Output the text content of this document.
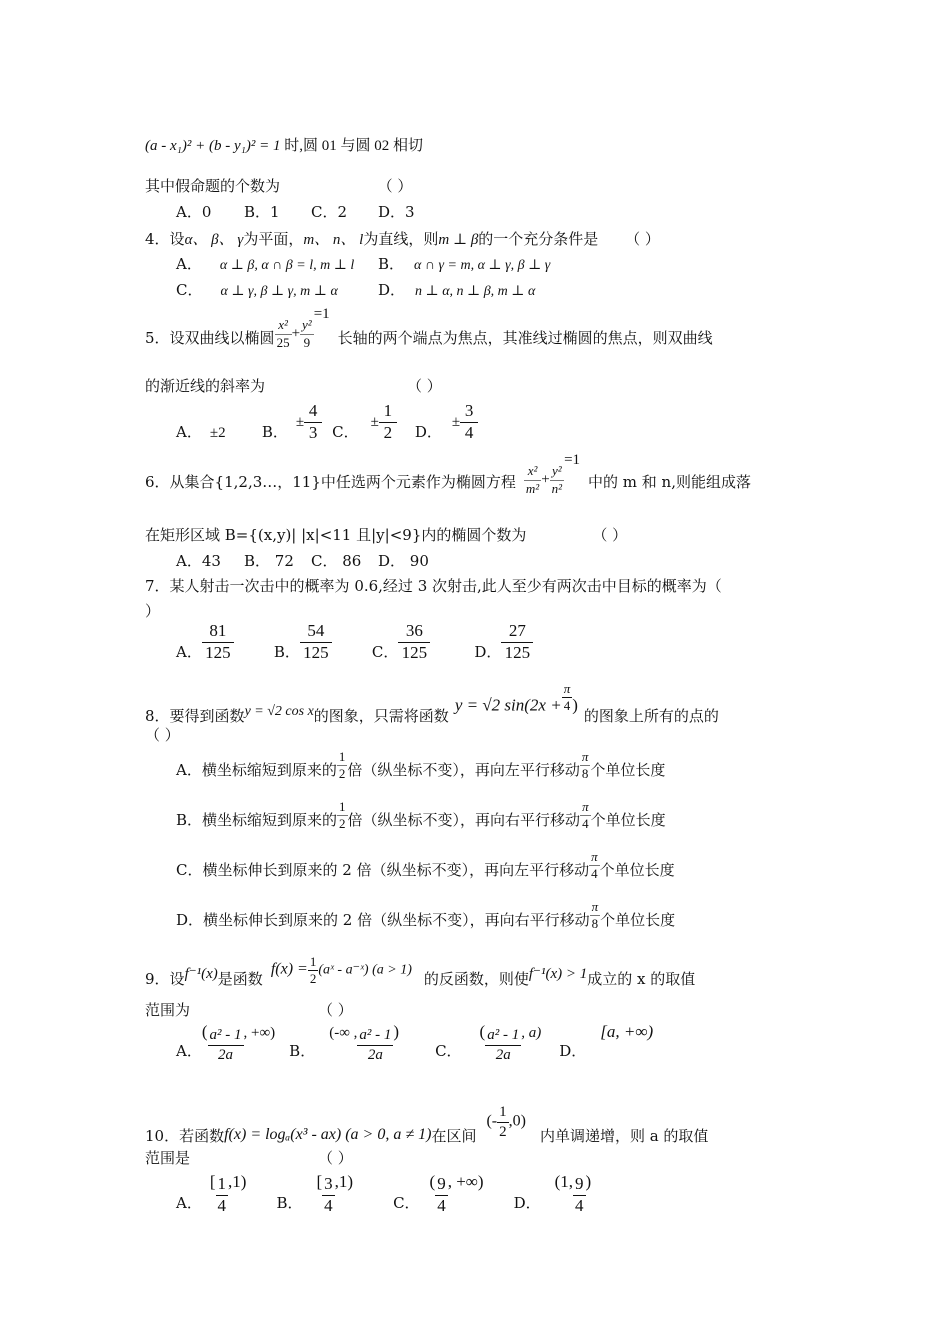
(a - x₁)² + (b - y₁)² = 1 时,圆 01 与圆 02 相切
其中假命题的个数为	（ ）
A．0 B．1 C．2 D．3
4．设α、 β、 γ为平面，m、 n、 l为直线，则m ⊥ β的一个充分条件是 （ ）
A． α ⊥ β, α ∩ β = l, m ⊥ l B． α ∩ γ = m, α ⊥ γ, β ⊥ γ
C． α ⊥ γ, β ⊥ γ, m ⊥ α	D． n ⊥ α, n ⊥ β, m ⊥ α
5．设双曲线以椭圆 $\frac{\text{x²}}{25} + \frac{\text{y²}}{9}$
=1长轴的两个端点为焦点，其准线过椭圆的焦点，则双曲线
的渐近线的斜率为	（ ）
A． ±2 B．± $\frac{4}{3}$ C．± $\frac{1}{2}$ D．± $\frac{3}{4}$
6．从集合{1,2,3…，11}中任选两个元素作为椭圆方程 $\frac{\text{x²}}{\text{m²}} + \frac{\text{y²}}{\text{n²}}$
=1中的 m 和 n,则能组成落
在矩形区域 B={(x,y)| |x|<11 且|y|<9}内的椭圆个数为	（ ）
A．43 B． 72 C． 86 D． 90
7．某人射击一次击中的概率为 0.6,经过 3 次射击,此人至少有两次击中目标的概率为（
）
A． $\frac{81}{125}$	B． $\frac{54}{125}$	C． $\frac{36}{125}$	D． $\frac{27}{125}$
8．要得到函数y = √2 cos x的图象，只需将函数y = √2 $\sin(2x + \frac{\pi}{4}$ )的图象上所有的点的
（ ）
A．横坐标缩短到原来的 $\frac{1}{2}$ 倍（纵坐标不变），再向左平行移动 $\frac{\pi}{8}$ 个单位长度
B．横坐标缩短到原来的 $\frac{1}{2}$ 倍（纵坐标不变），再向右平行移动 $\frac{\pi}{4}$ 个单位长度
C．横坐标伸长到原来的 2 倍（纵坐标不变），再向左平行移动 $\frac{\pi}{4}$ 个单位长度
D．横坐标伸长到原来的 2 倍（纵坐标不变），再向右平行移动 $\frac{\pi}{8}$ 个单位长度
9．设f⁻¹(x)是函数$f(x) = \frac{1}{2}$ (aˣ - a⁻ˣ) (a > 1)的反函数，则使f⁻¹(x) > 1成立的 x 的取值
范围为	（ ）
A．( $\frac{\text{a² - 1}}{2a}$ , +∞)B．(-∞ , $\frac{\text{a² - 1}}{2a} )C$．( $\frac{\text{a² - 1}}{2a}$ , a)D．[a, +∞)
10．若函数f(x) = logₐ(x³ - ax) (a > 0, a ≠ 1)在区间(- $\frac{1}{2} ,0$)内单调递增，则 a 的取值
范围是	（ ）
A．[ $\frac{1}{4} ,1)B$．[ $\frac{3}{4} ,1)C$．( $\frac{9}{4}$ , +∞)D．(1, $\frac{9}{4}$ )
